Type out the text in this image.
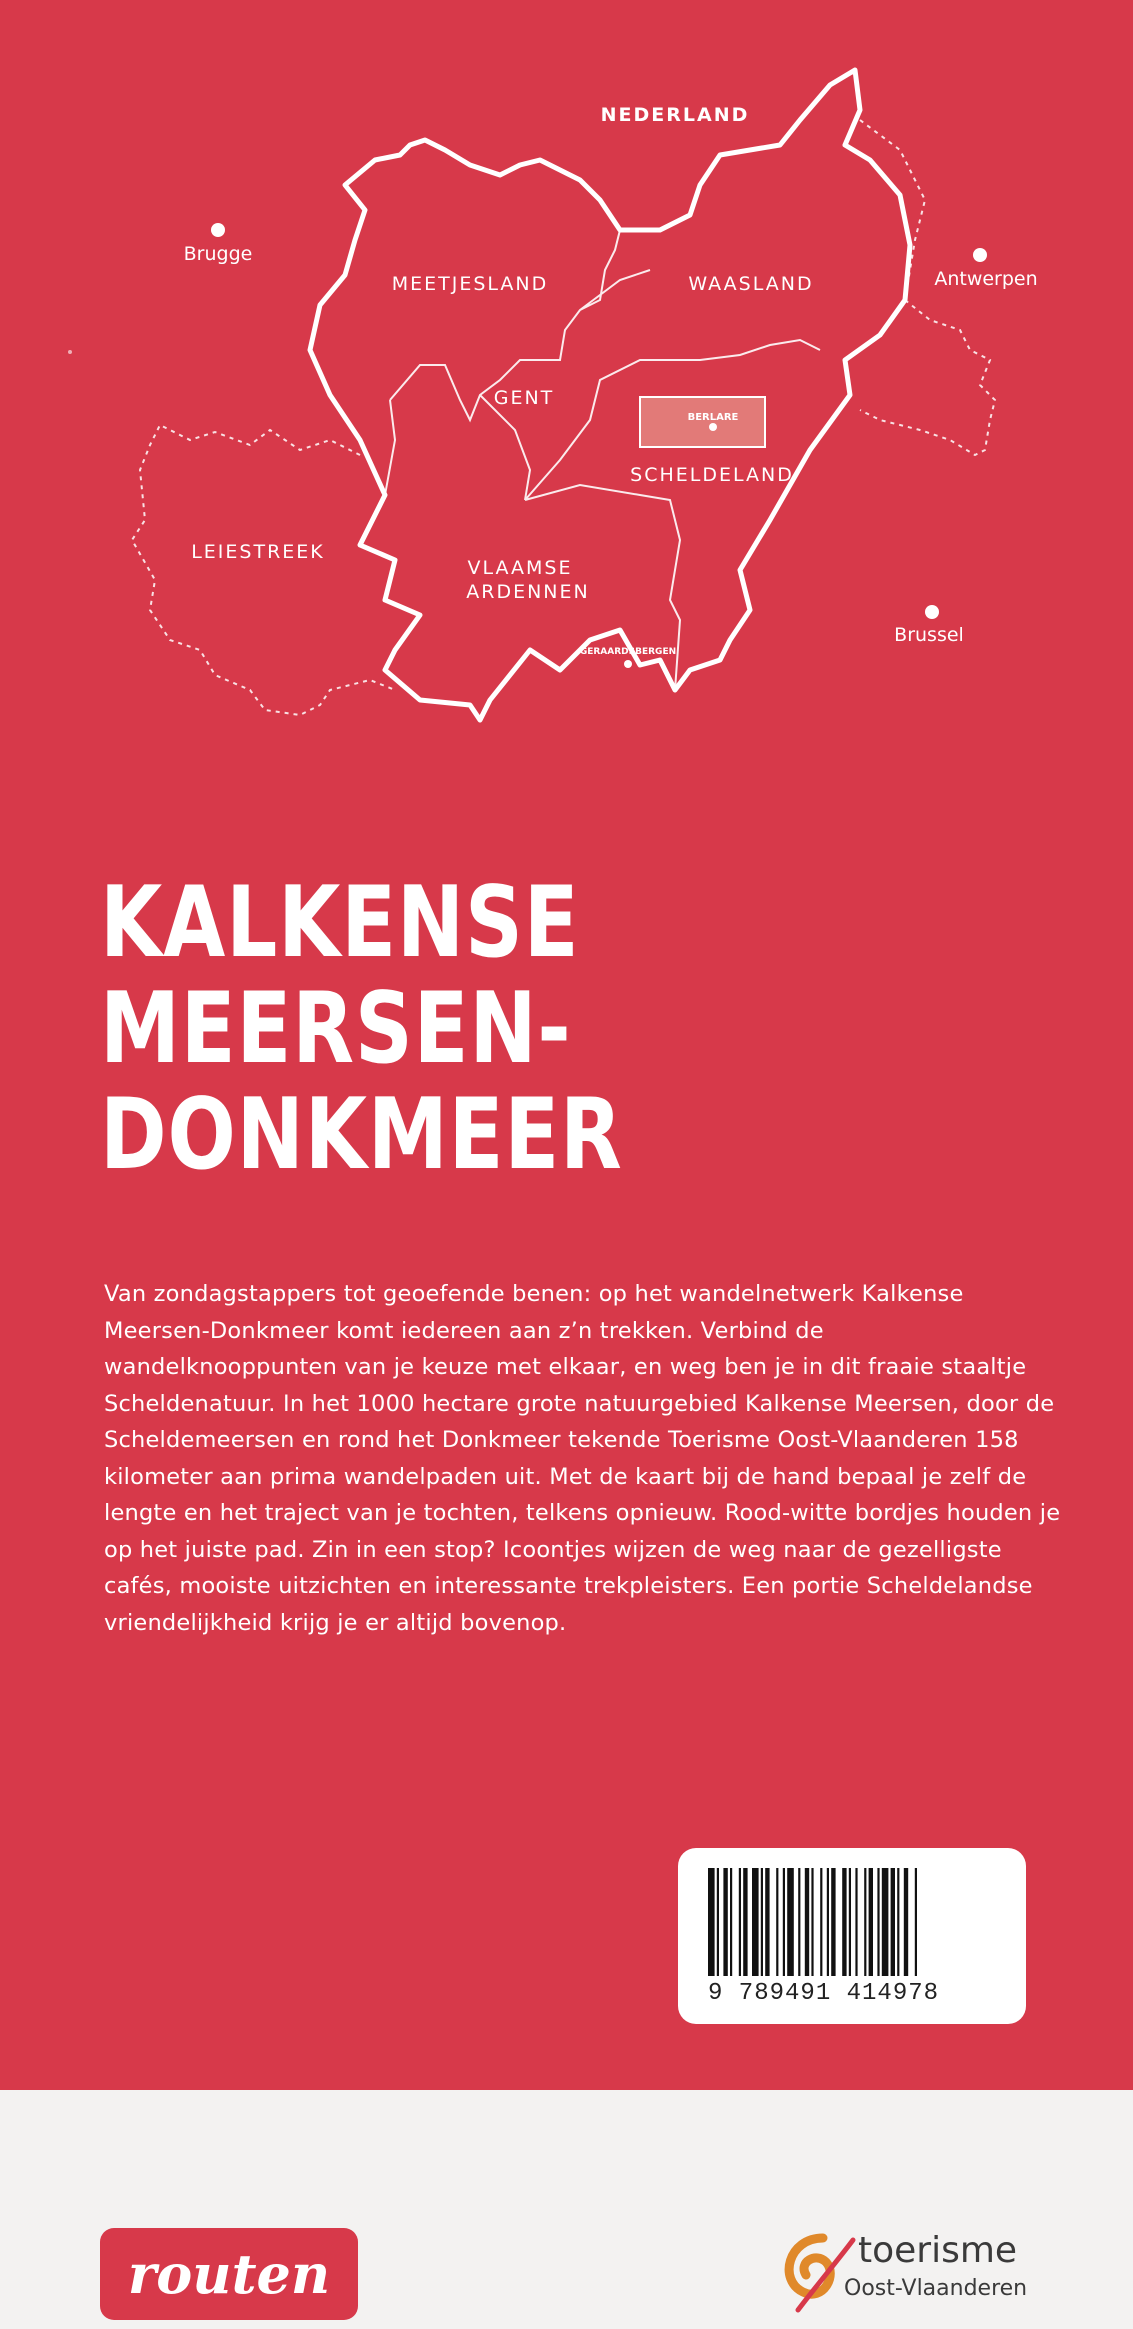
BERLARE
NEDERLAND
Brugge
Antwerpen
Brussel
MEETJESLAND	WAASLAND
GENT
SCHELDELAND
LEIESTREEK
VLAAMSE
ARDENNEN
GERAARDSBERGEN
KALKENSE
MEERSEN-
DONKMEER

Van zondagstappers tot geoefende benen: op het wandelnetwerk Kalkense Meersen-Donkmeer komt iedereen aan z’n trekken. Verbind de wandelknooppunten van je keuze met elkaar, en weg ben je in dit fraaie staaltje Scheldenatuur. In het 1000 hectare grote natuurgebied Kalkense Meersen, door de Scheldemeersen en rond het Donkmeer tekende Toerisme Oost-Vlaanderen 158 kilometer aan prima wandelpaden uit. Met de kaart bij de hand bepaal je zelf de lengte en het traject van je tochten, telkens opnieuw. Rood-witte bordjes houden je op het juiste pad. Zin in een stop? Icoontjes wijzen de weg naar de gezelligste cafés, mooiste uitzichten en interessante trekpleisters. Een portie Scheldelandse vriendelijkheid krijg je er altijd bovenop.

9 789491 414978
routen	toerisme
Oost-Vlaanderen
